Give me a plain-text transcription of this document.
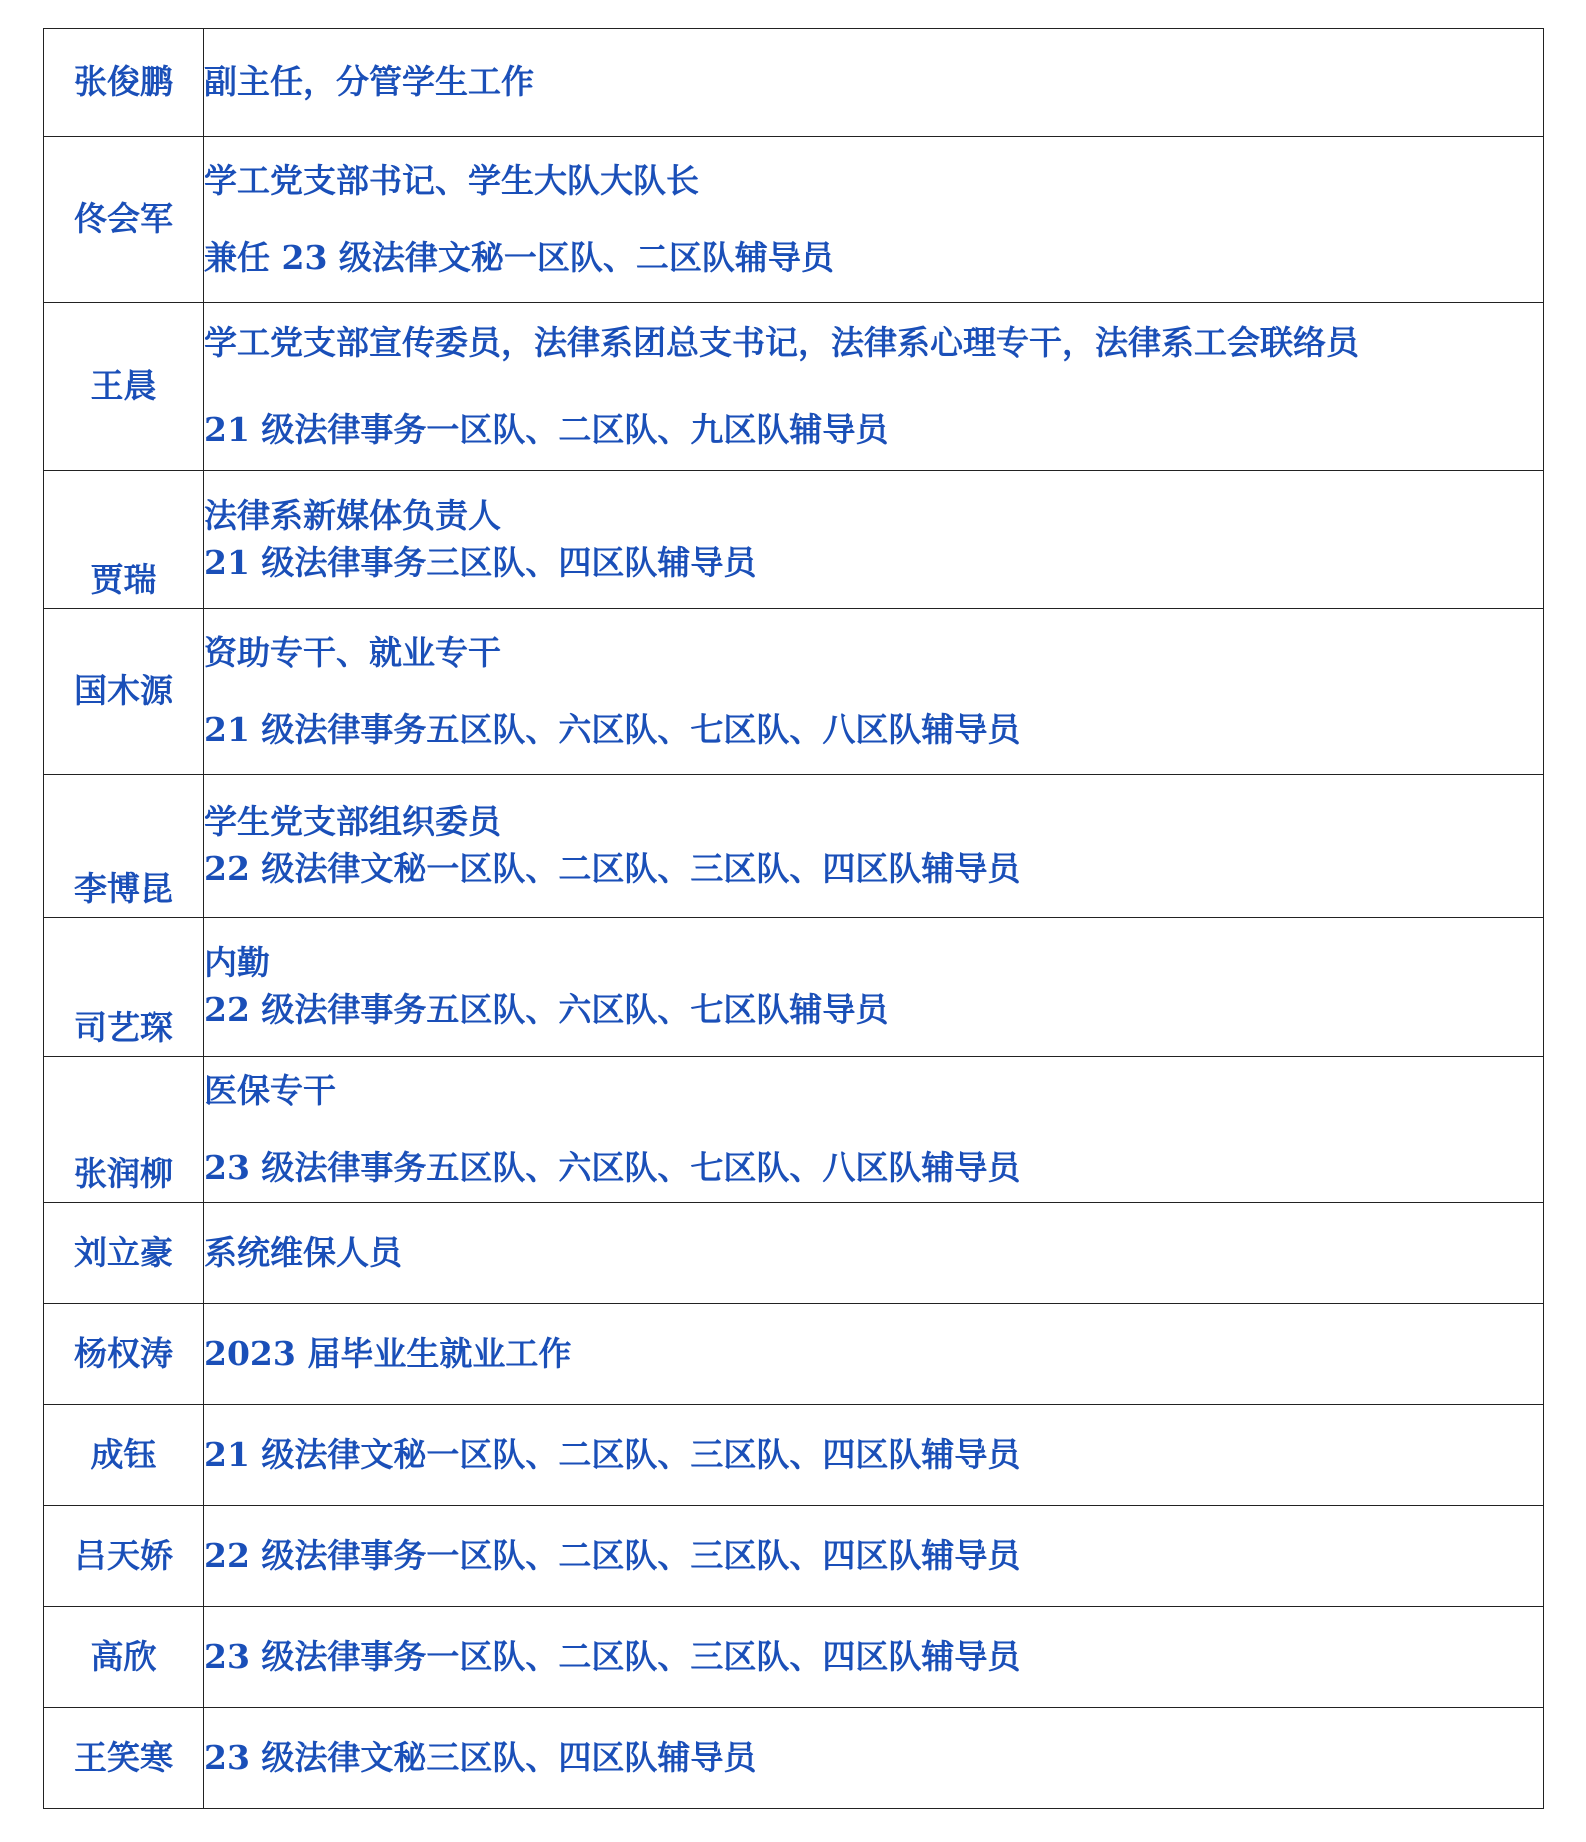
张俊鹏	副主任，分管学生工作

佟会军	学工党支部书记、学生大队大队长
兼任 23 级法律文秘一区队、二区队辅导员

王晨	学工党支部宣传委员，法律系团总支书记，法律系心理专干，法律系工会联络员
21 级法律事务一区队、二区队、九区队辅导员

贾瑞	法律系新媒体负责人
21 级法律事务三区队、四区队辅导员

国木源	资助专干、就业专干
21 级法律事务五区队、六区队、七区队、八区队辅导员

李博昆	学生党支部组织委员
22 级法律文秘一区队、二区队、三区队、四区队辅导员

司艺琛	内勤
22 级法律事务五区队、六区队、七区队辅导员

张润柳	医保专干
23 级法律事务五区队、六区队、七区队、八区队辅导员

刘立豪	系统维保人员

杨权涛	2023 届毕业生就业工作

成钰	21 级法律文秘一区队、二区队、三区队、四区队辅导员

吕天娇	22 级法律事务一区队、二区队、三区队、四区队辅导员

高欣	23 级法律事务一区队、二区队、三区队、四区队辅导员

王笑寒	23 级法律文秘三区队、四区队辅导员
